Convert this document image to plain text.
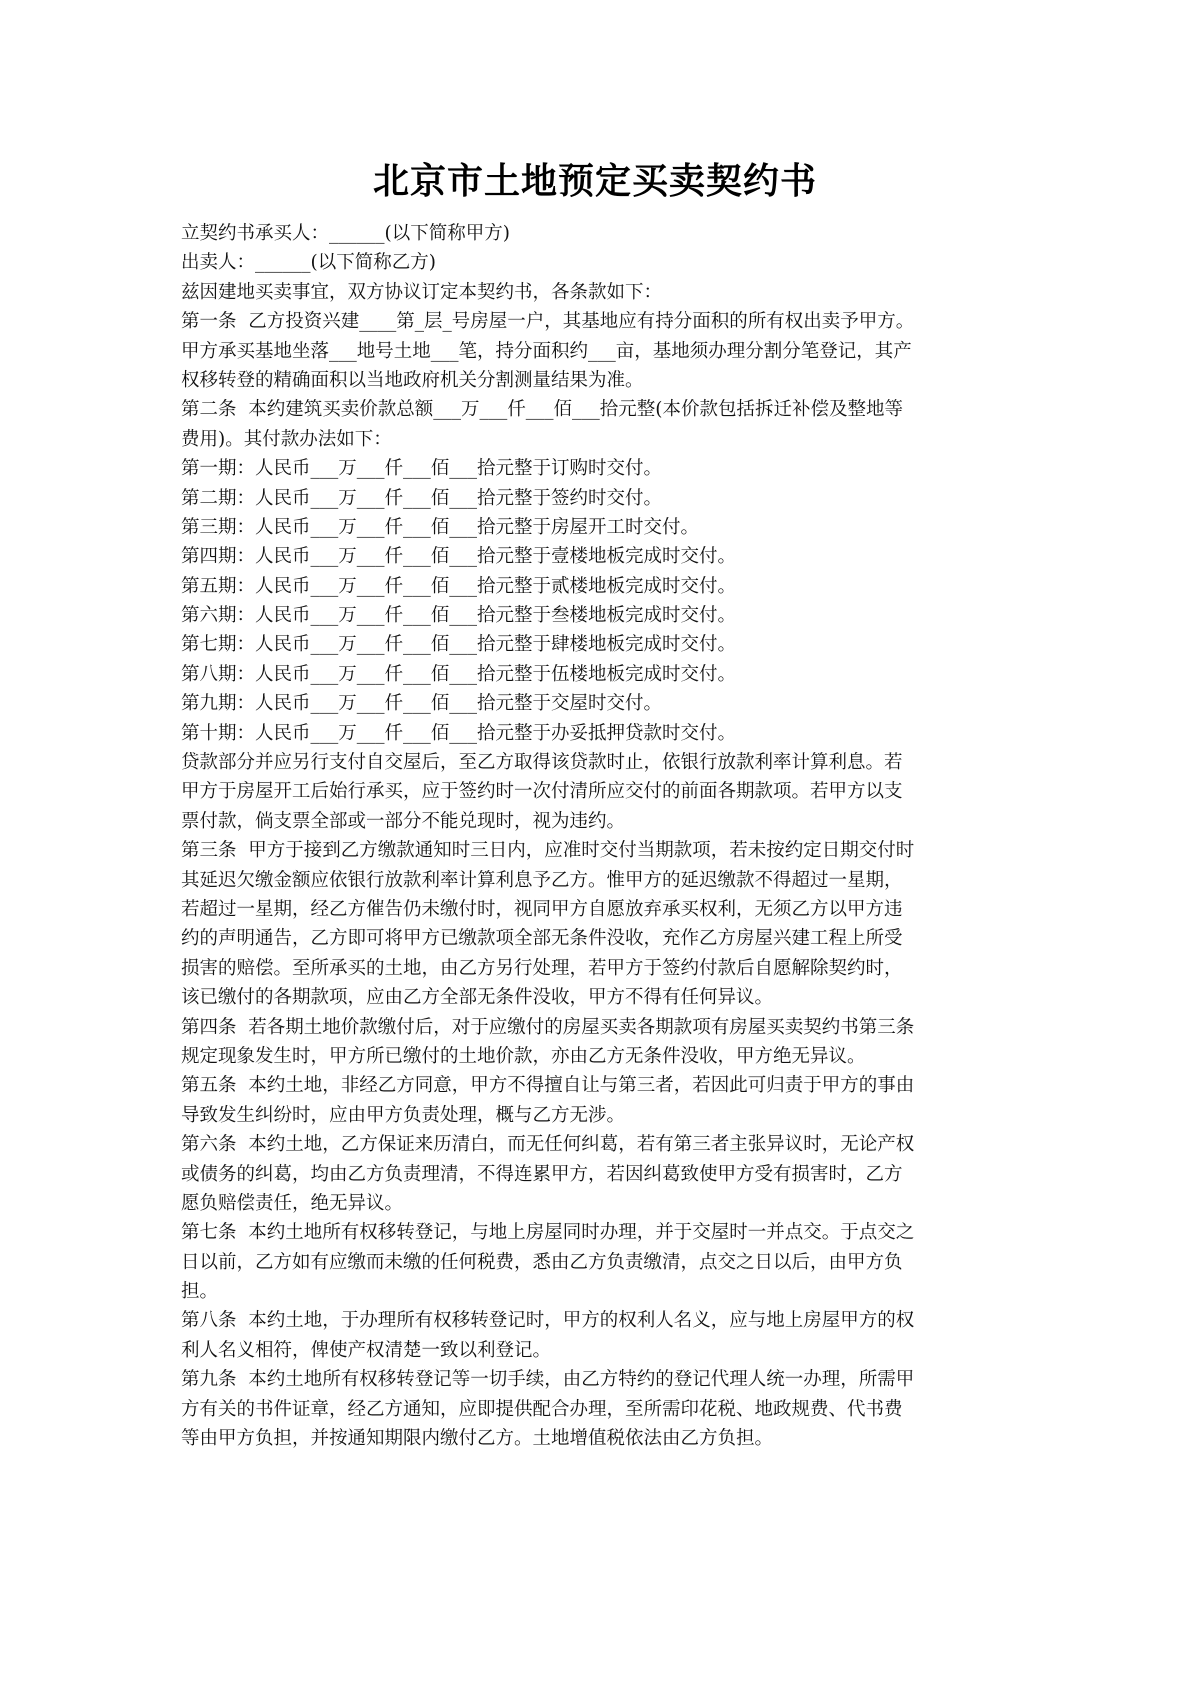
北京市土地预定买卖契约书
立契约书承买人：______(以下简称甲方)
出卖人：______(以下简称乙方)
兹因建地买卖事宜，双方协议订定本契约书，各条款如下：
第一条  乙方投资兴建____第_层_号房屋一户，其基地应有持分面积的所有权出卖予甲方。
甲方承买基地坐落___地号土地___笔，持分面积约___亩，基地须办理分割分笔登记，其产
权移转登的精确面积以当地政府机关分割测量结果为准。
第二条  本约建筑买卖价款总额___万___仟___佰___拾元整(本价款包括拆迁补偿及整地等
费用)。其付款办法如下：
第一期：人民币___万___仟___佰___拾元整于订购时交付。
第二期：人民币___万___仟___佰___拾元整于签约时交付。
第三期：人民币___万___仟___佰___拾元整于房屋开工时交付。
第四期：人民币___万___仟___佰___拾元整于壹楼地板完成时交付。
第五期：人民币___万___仟___佰___拾元整于贰楼地板完成时交付。
第六期：人民币___万___仟___佰___拾元整于叁楼地板完成时交付。
第七期：人民币___万___仟___佰___拾元整于肆楼地板完成时交付。
第八期：人民币___万___仟___佰___拾元整于伍楼地板完成时交付。
第九期：人民币___万___仟___佰___拾元整于交屋时交付。
第十期：人民币___万___仟___佰___拾元整于办妥抵押贷款时交付。
贷款部分并应另行支付自交屋后，至乙方取得该贷款时止，依银行放款利率计算利息。若
甲方于房屋开工后始行承买，应于签约时一次付清所应交付的前面各期款项。若甲方以支
票付款，倘支票全部或一部分不能兑现时，视为违约。
第三条  甲方于接到乙方缴款通知时三日内，应准时交付当期款项，若未按约定日期交付时
其延迟欠缴金额应依银行放款利率计算利息予乙方。惟甲方的延迟缴款不得超过一星期，
若超过一星期，经乙方催告仍未缴付时，视同甲方自愿放弃承买权利，无须乙方以甲方违
约的声明通告，乙方即可将甲方已缴款项全部无条件没收，充作乙方房屋兴建工程上所受
损害的赔偿。至所承买的土地，由乙方另行处理，若甲方于签约付款后自愿解除契约时，
该已缴付的各期款项，应由乙方全部无条件没收，甲方不得有任何异议。
第四条  若各期土地价款缴付后，对于应缴付的房屋买卖各期款项有房屋买卖契约书第三条
规定现象发生时，甲方所已缴付的土地价款，亦由乙方无条件没收，甲方绝无异议。
第五条  本约土地，非经乙方同意，甲方不得擅自让与第三者，若因此可归责于甲方的事由
导致发生纠纷时，应由甲方负责处理，概与乙方无涉。
第六条  本约土地，乙方保证来历清白，而无任何纠葛，若有第三者主张异议时，无论产权
或债务的纠葛，均由乙方负责理清，不得连累甲方，若因纠葛致使甲方受有损害时，乙方
愿负赔偿责任，绝无异议。
第七条  本约土地所有权移转登记，与地上房屋同时办理，并于交屋时一并点交。于点交之
日以前，乙方如有应缴而未缴的任何税费，悉由乙方负责缴清，点交之日以后，由甲方负
担。
第八条  本约土地，于办理所有权移转登记时，甲方的权利人名义，应与地上房屋甲方的权
利人名义相符，俾使产权清楚一致以利登记。
第九条  本约土地所有权移转登记等一切手续，由乙方特约的登记代理人统一办理，所需甲
方有关的书件证章，经乙方通知，应即提供配合办理，至所需印花税、地政规费、代书费
等由甲方负担，并按通知期限内缴付乙方。土地增值税依法由乙方负担。
